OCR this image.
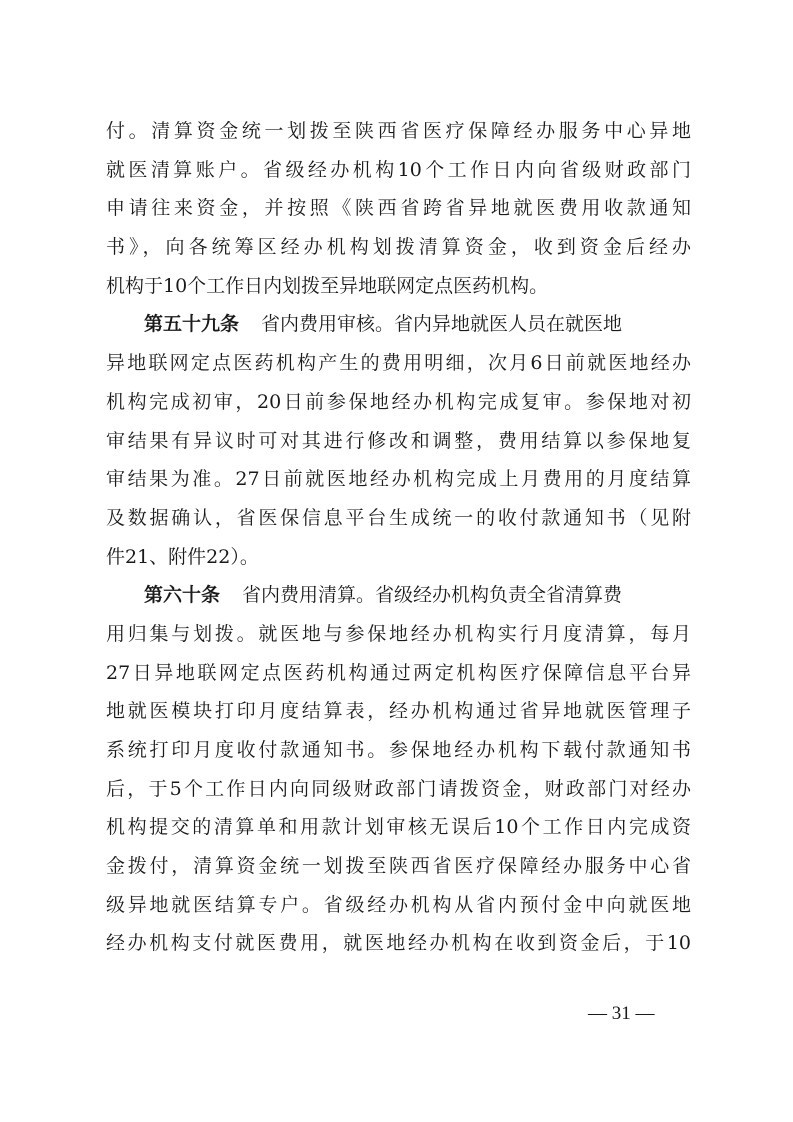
付。清算资金统一划拨至陕西省医疗保障经办服务中心异地
就医清算账户。省级经办机构10个工作日内向省级财政部门
申请往来资金，并按照《陕西省跨省异地就医费用收款通知
书》，向各统筹区经办机构划拨清算资金，收到资金后经办
机构于10个工作日内划拨至异地联网定点医药机构。
第五十九条 省内费用审核。省内异地就医人员在就医地
异地联网定点医药机构产生的费用明细，次月6日前就医地经办
机构完成初审，20日前参保地经办机构完成复审。参保地对初
审结果有异议时可对其进行修改和调整，费用结算以参保地复
审结果为准。27日前就医地经办机构完成上月费用的月度结算
及数据确认，省医保信息平台生成统一的收付款通知书（见附
件21、附件22）。
第六十条 省内费用清算。省级经办机构负责全省清算费
用归集与划拨。就医地与参保地经办机构实行月度清算，每月
27日异地联网定点医药机构通过两定机构医疗保障信息平台异
地就医模块打印月度结算表，经办机构通过省异地就医管理子
系统打印月度收付款通知书。参保地经办机构下载付款通知书
后，于5个工作日内向同级财政部门请拨资金，财政部门对经办
机构提交的清算单和用款计划审核无误后10个工作日内完成资
金拨付，清算资金统一划拨至陕西省医疗保障经办服务中心省
级异地就医结算专户。省级经办机构从省内预付金中向就医地
经办机构支付就医费用，就医地经办机构在收到资金后，于10
— 31 —
